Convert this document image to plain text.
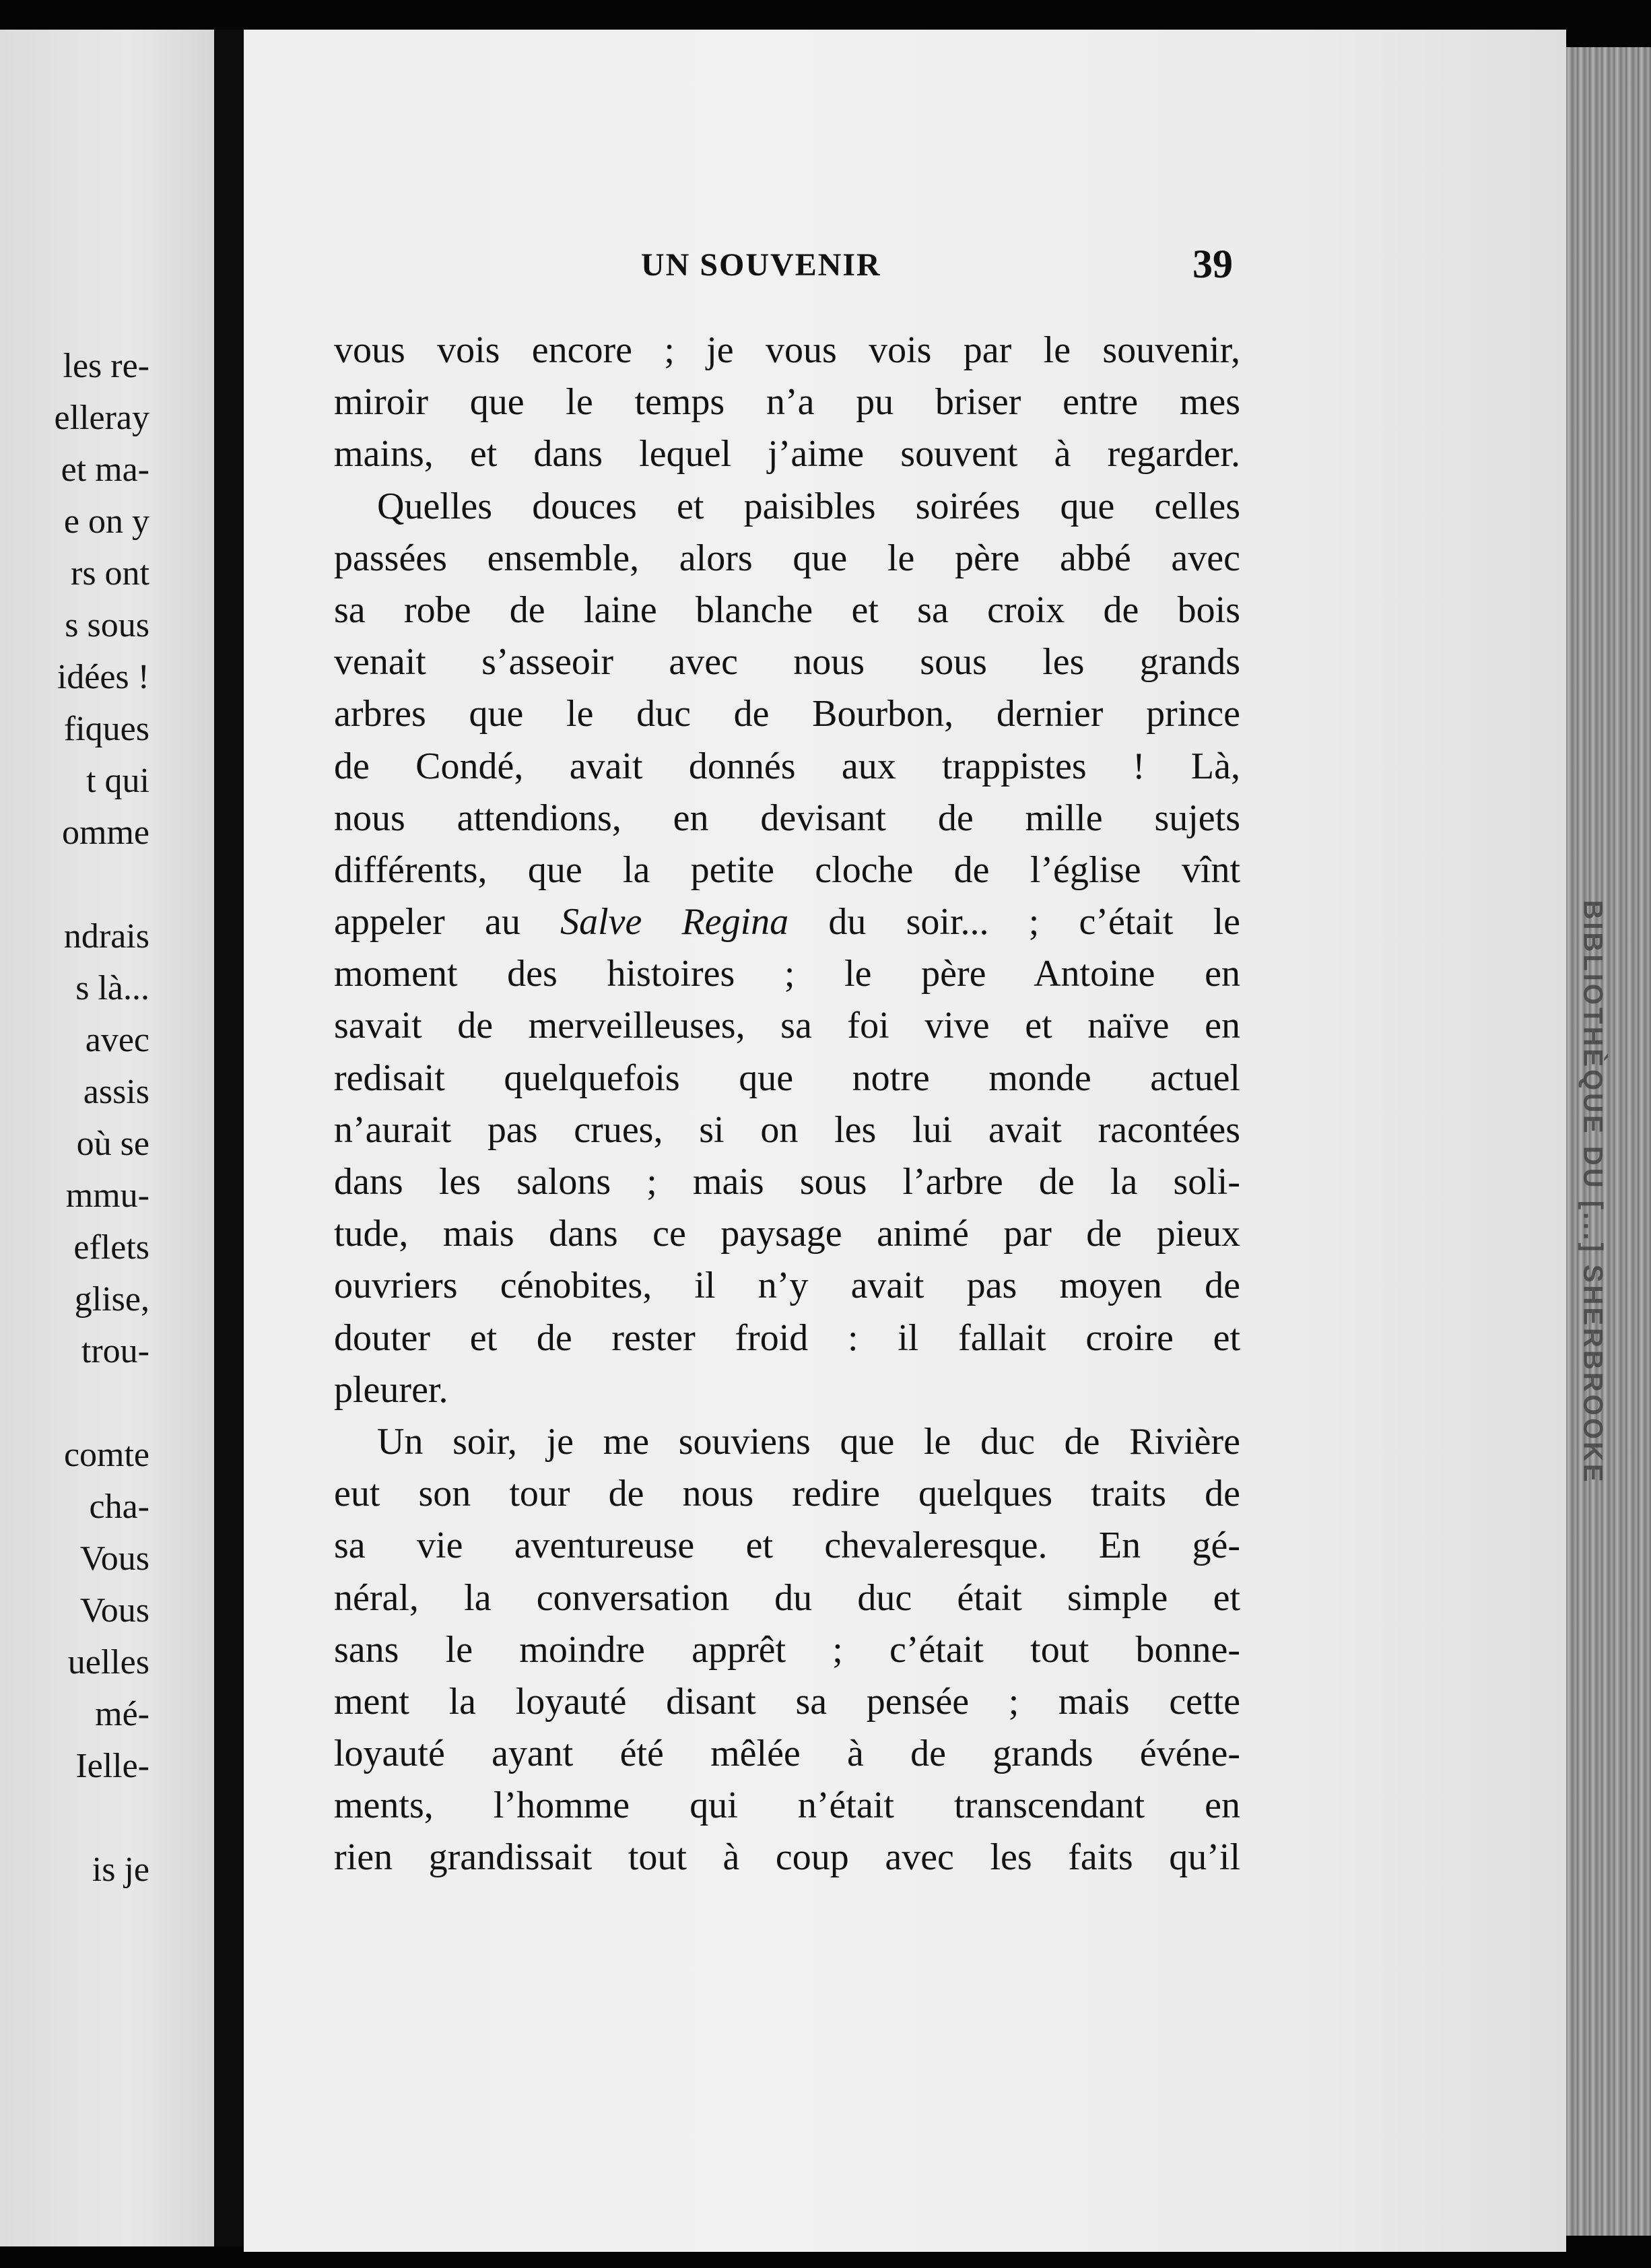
les re-
elleray
et ma-
e on y
rs ont
s sous
idées !
fiques
t qui
omme
ndrais
s là...
avec
assis
où se
mmu-
eflets
glise,
trou-
comte
cha-
Vous
Vous
uelles
mé-
Ielle-
is je
UN SOUVENIR	39
vous vois encore ; je vous vois par le souvenir,
miroir que le temps n’a pu briser entre mes
mains, et dans lequel j’aime souvent à regarder.
Quelles douces et paisibles soirées que celles
passées ensemble, alors que le père abbé avec
sa robe de laine blanche et sa croix de bois
venait s’asseoir avec nous sous les grands
arbres que le duc de Bourbon, dernier prince
de Condé, avait donnés aux trappistes ! Là,
nous attendions, en devisant de mille sujets
différents, que la petite cloche de l’église vînt
appeler au Salve Regina du soir... ; c’était le
moment des histoires ; le père Antoine en
savait de merveilleuses, sa foi vive et naïve en
redisait quelquefois que notre monde actuel
n’aurait pas crues, si on les lui avait racontées
dans les salons ; mais sous l’arbre de la soli-
tude, mais dans ce paysage animé par de pieux
ouvriers cénobites, il n’y avait pas moyen de
douter et de rester froid : il fallait croire et
pleurer.
Un soir, je me souviens que le duc de Rivière
eut son tour de nous redire quelques traits de
sa vie aventureuse et chevaleresque. En gé-
néral, la conversation du duc était simple et
sans le moindre apprêt ; c’était tout bonne-
ment la loyauté disant sa pensée ; mais cette
loyauté ayant été mêlée à de grands événe-
ments, l’homme qui n’était transcendant en
rien grandissait tout à coup avec les faits qu’il
BIBLIOTHÈQUE DU [...] SHERBROOKE
